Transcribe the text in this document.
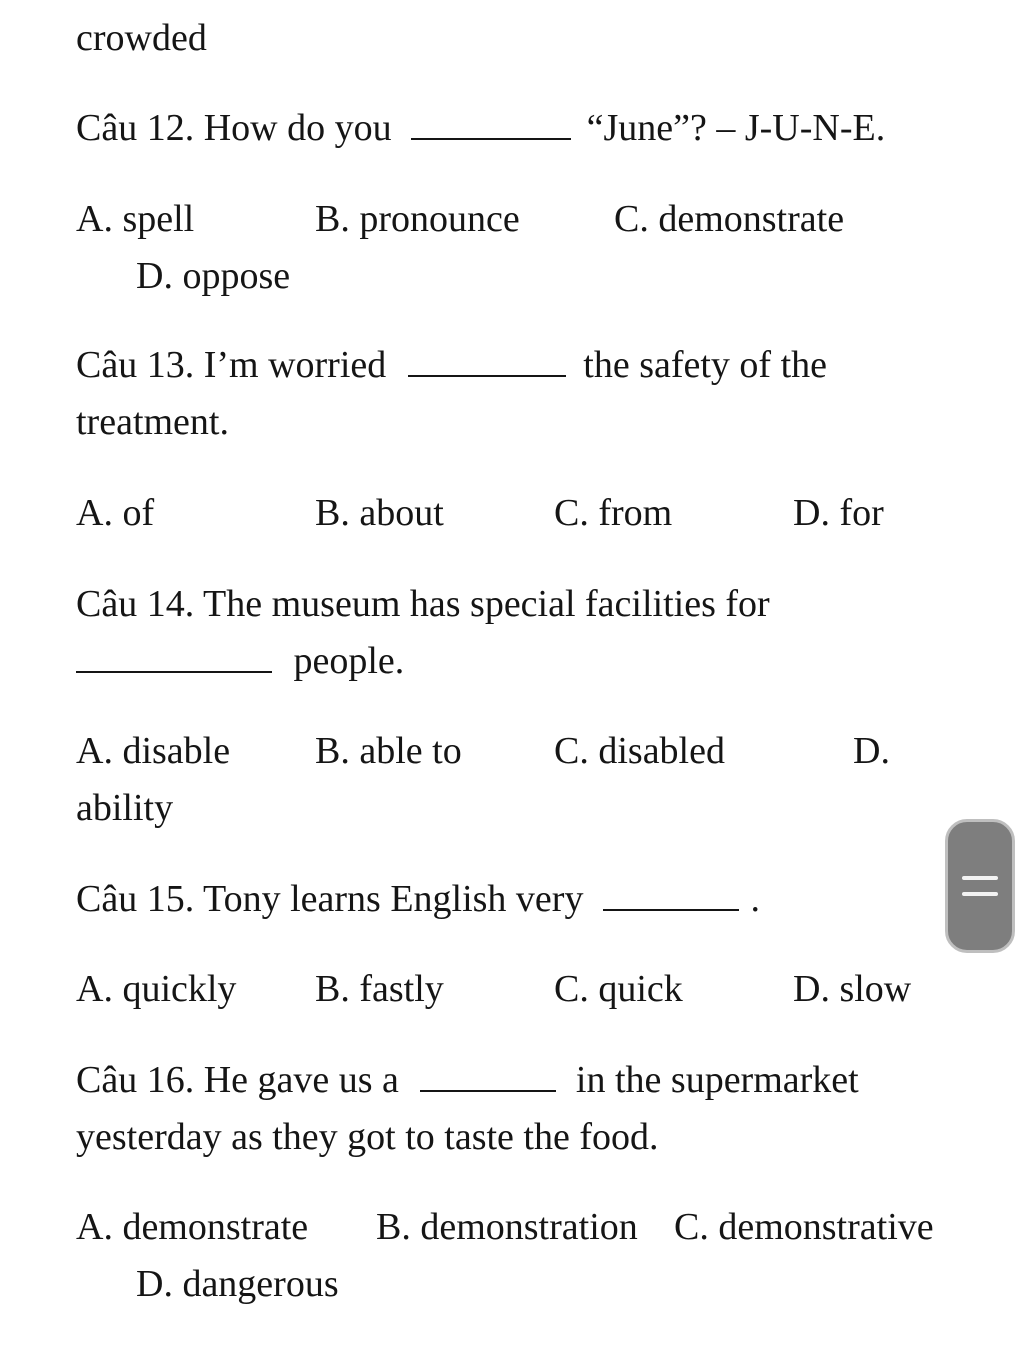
crowded
Câu 12. How do you	“June”? – J-U-N-E.
A. spell	B. pronounce C. demonstrate
D. oppose
Câu 13. I’m worried	the safety of the
treatment.
A. of	B. about	C. from	D. for
Câu 14. The museum has special facilities for
people.
A. disable B. able to C. disabled	D.
ability
Câu 15. Tony learns English very	.
A. quickly B. fastly	C. quick	D. slow
Câu 16. He gave us a	in the supermarket
yesterday as they got to taste the food.
A. demonstrate B. demonstration C. demonstrative
D. dangerous
